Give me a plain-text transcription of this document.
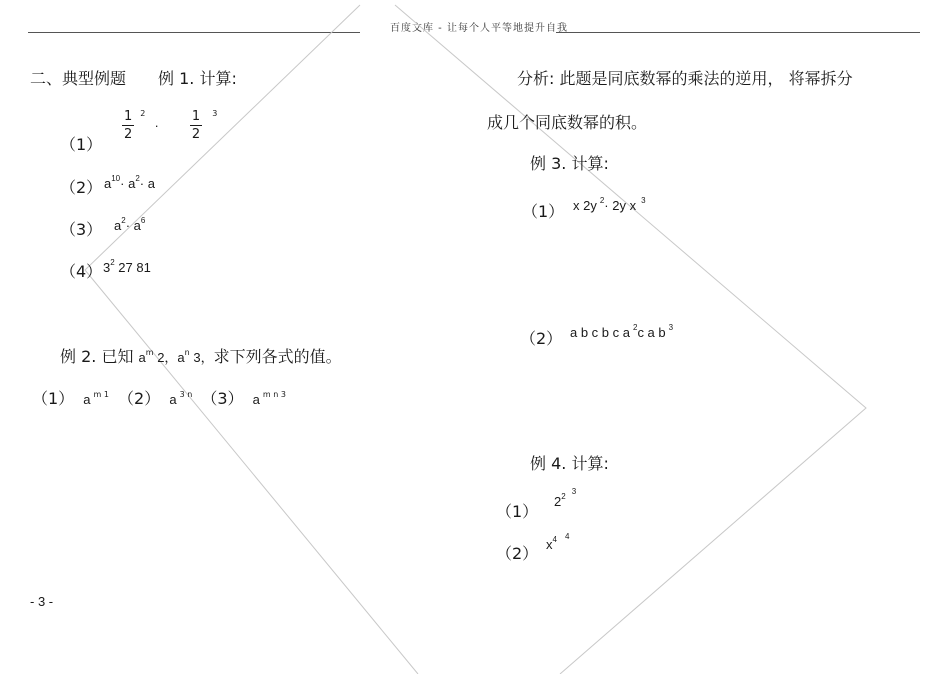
百度文库 - 让每个人平等地提升自我
二、典型例题 例 1. 计算:
（1）
$\frac{1}{2} ^2 \cdot \frac{1}{2} ^3$
（2） $a^{10}\cdot a^2\cdot a$
（3） $a^2\cdot a^6$
（4） $3^2$ 27 81
例 2. 已知 $a^m$ 2，$a^n$ 3，求下列各式的值。
（1） a $^{m 1}$ （2） a $^{3 n}$ （3） a $^{m n 3}$
- 3 -
分析: 此题是同底数幂的乘法的逆用， 将幂拆分
成几个同底数幂的积。
例 3. 计算:
（1） x 2y $^2$· 2y x $^3$
（2） a b c b c a $^2$c a b $^3$
例 4. 计算:
（1）
$2^{23}$
（2） $x^4$ $^4$
